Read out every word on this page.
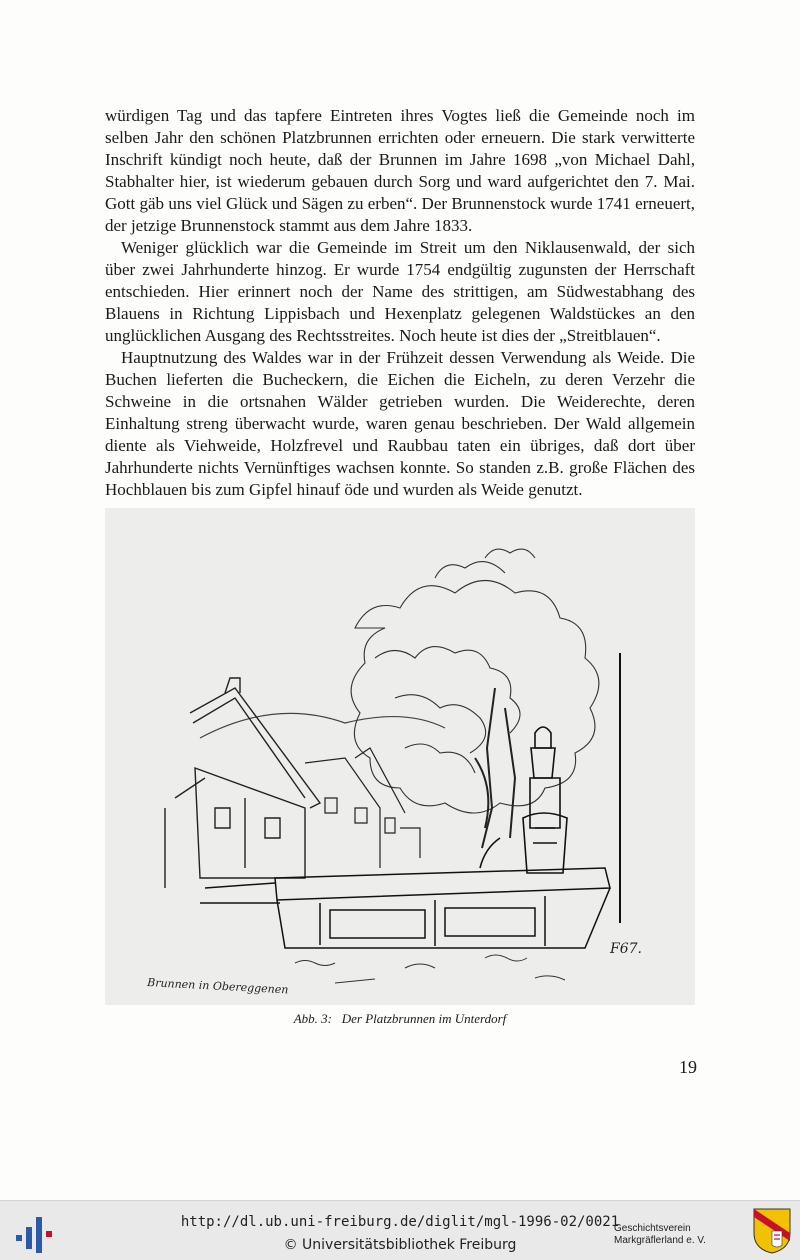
würdigen Tag und das tapfere Eintreten ihres Vogtes ließ die Gemeinde noch im selben Jahr den schönen Platzbrunnen errichten oder erneuern. Die stark verwitterte Inschrift kündigt noch heute, daß der Brunnen im Jahre 1698 „von Michael Dahl, Stabhalter hier, ist wiederum gebauen durch Sorg und ward aufgerichtet den 7. Mai. Gott gäb uns viel Glück und Sägen zu erben“. Der Brunnenstock wurde 1741 erneuert, der jetzige Brunnenstock stammt aus dem Jahre 1833.

Weniger glücklich war die Gemeinde im Streit um den Niklausenwald, der sich über zwei Jahrhunderte hinzog. Er wurde 1754 endgültig zugunsten der Herrschaft entschieden. Hier erinnert noch der Name des strittigen, am Südwestabhang des Blauens in Richtung Lippisbach und Hexenplatz gelegenen Waldstückes an den unglücklichen Ausgang des Rechtsstreites. Noch heute ist dies der „Streitblauen“.

Hauptnutzung des Waldes war in der Frühzeit dessen Verwendung als Weide. Die Buchen lieferten die Bucheckern, die Eichen die Eicheln, zu deren Verzehr die Schweine in die ortsnahen Wälder getrieben wurden. Die Weiderechte, deren Einhaltung streng überwacht wurde, waren genau beschrieben. Der Wald allgemein diente als Viehweide, Holzfrevel und Raubbau taten ein übriges, daß dort über Jahrhunderte nichts Vernünftiges wachsen konnte. So standen z.B. große Flächen des Hochblauen bis zum Gipfel hinauf öde und wurden als Weide genutzt.

F67.
Brunnen in Obereggenen
Abb. 3: Der Platzbrunnen im Unterdorf
19
http://dl.ub.uni-freiburg.de/diglit/mgl-1996-02/0021
© Universitätsbibliothek Freiburg
Geschichtsverein
Markgräflerland e. V.
